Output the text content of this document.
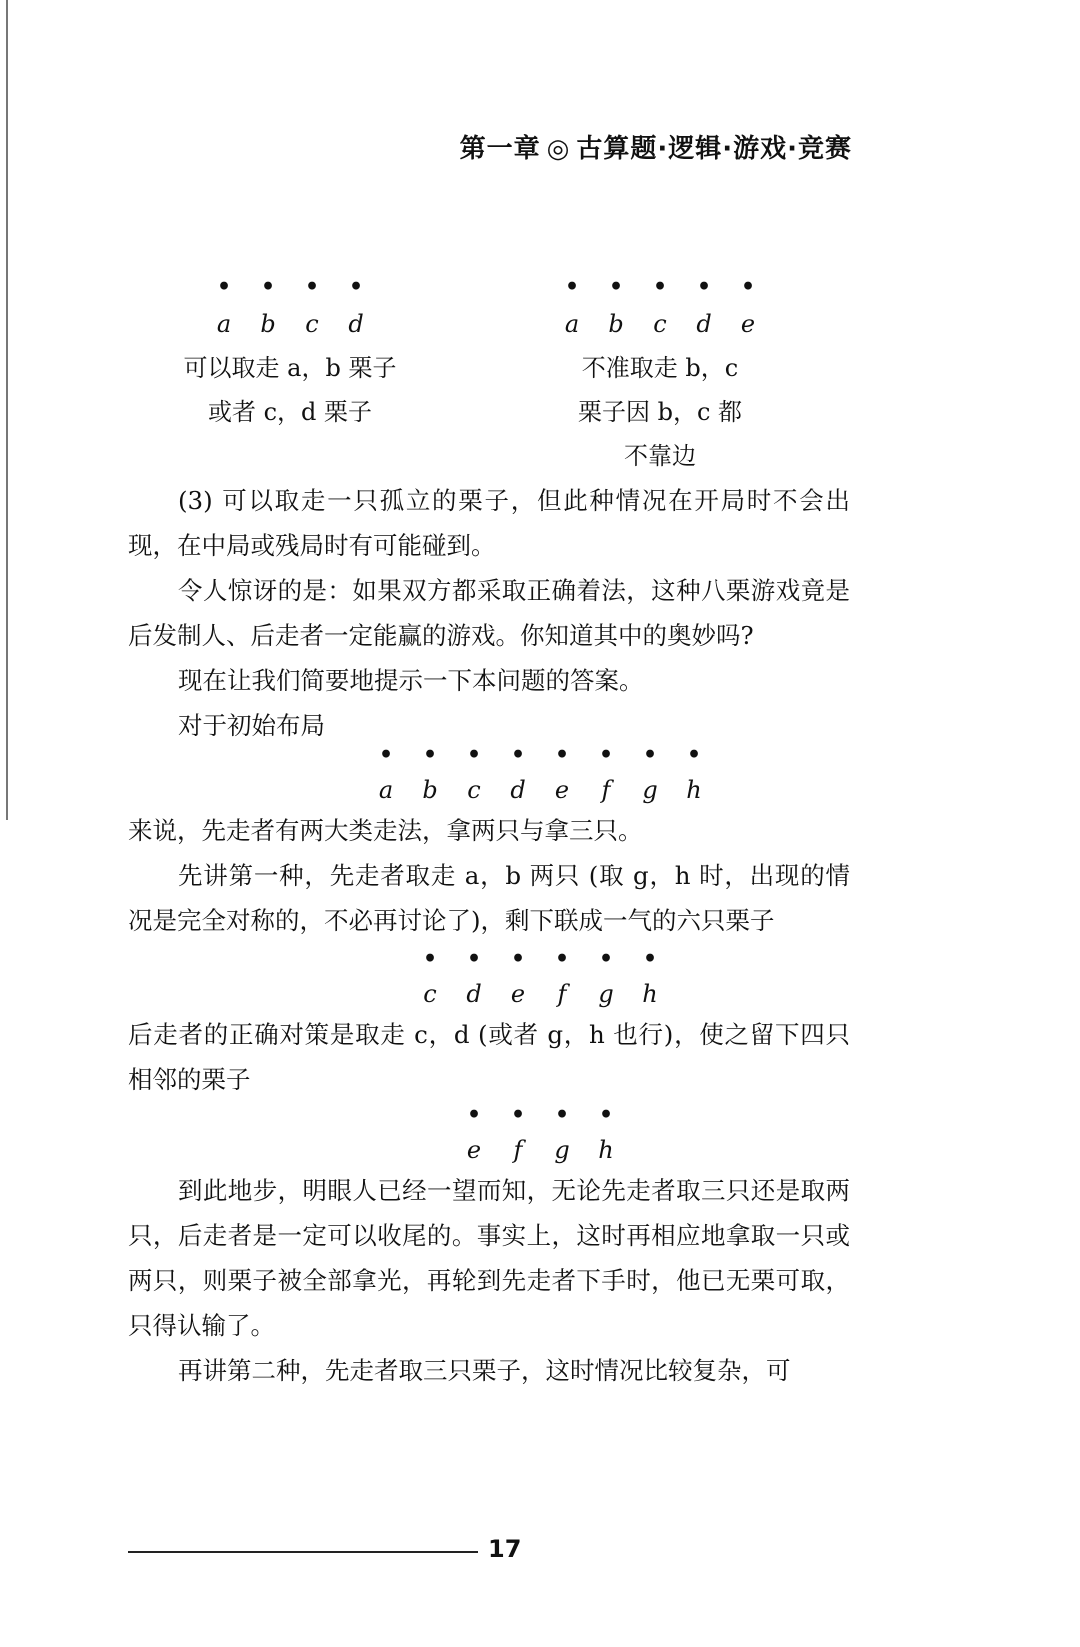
第一章 ◎ 古算题·逻辑·游戏·竞赛
• • • •
a b c d
可以取走 a，b 栗子
或者 c，d 栗子
• • • • •
a b c d e
不准取走 b，c
栗子因 b，c 都
不靠边

(3) 可以取走一只孤立的栗子，但此种情况在开局时不会出现，在中局或残局时有可能碰到。

令人惊讶的是：如果双方都采取正确着法，这种八栗游戏竟是后发制人、后走者一定能赢的游戏。你知道其中的奥妙吗?

现在让我们简要地提示一下本问题的答案。

对于初始布局

• • • • • • • •
a b c d e f g h

来说，先走者有两大类走法，拿两只与拿三只。

先讲第一种，先走者取走 a，b 两只 (取 g，h 时，出现的情况是完全对称的，不必再讨论了)，剩下联成一气的六只栗子

• • • • • •
c d e f g h

后走者的正确对策是取走 c，d (或者 g，h 也行)，使之留下四只相邻的栗子

• • • •
e f g h

到此地步，明眼人已经一望而知，无论先走者取三只还是取两只，后走者是一定可以收尾的。事实上，这时再相应地拿取一只或两只，则栗子被全部拿光，再轮到先走者下手时，他已无栗可取，只得认输了。

再讲第二种，先走者取三只栗子，这时情况比较复杂，可

17
